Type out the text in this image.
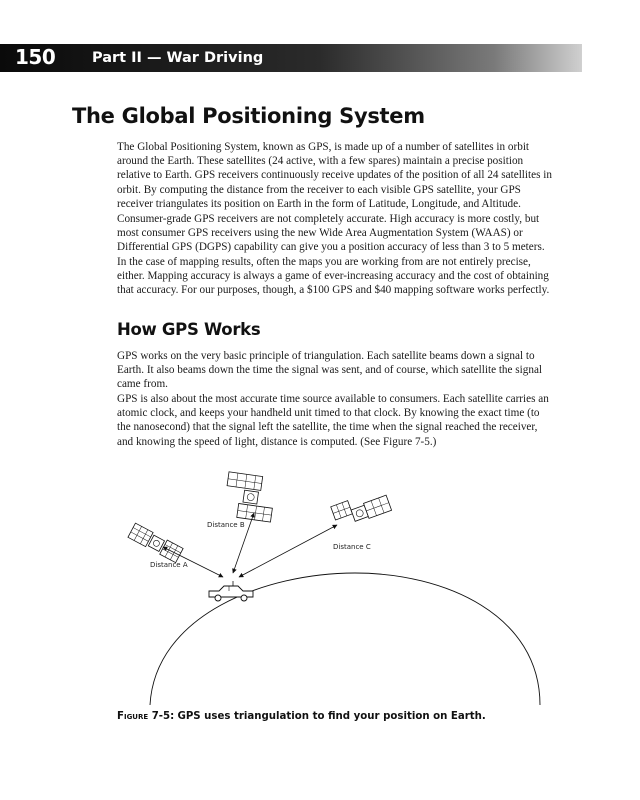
150	Part II — War Driving
The Global Positioning System

The Global Positioning System, known as GPS, is made up of a number of satellites in orbit around the Earth. These satellites (24 active, with a few spares) maintain a precise position relative to Earth. GPS receivers continuously receive updates of the position of all 24 satellites in orbit. By computing the distance from the receiver to each visible GPS satellite, your GPS receiver triangulates its position on Earth in the form of Latitude, Longitude, and Altitude.

Consumer-grade GPS receivers are not completely accurate. High accuracy is more costly, but most consumer GPS receivers using the new Wide Area Augmentation System (WAAS) or Differential GPS (DGPS) capability can give you a position accuracy of less than 3 to 5 meters. In the case of mapping results, often the maps you are working from are not entirely precise, either. Mapping accuracy is always a game of ever-increasing accuracy and the cost of obtaining that accuracy. For our purposes, though, a $100 GPS and $40 mapping software works perfectly.

How GPS Works

GPS works on the very basic principle of triangulation. Each satellite beams down a signal to Earth. It also beams down the time the signal was sent, and of course, which satellite the signal came from.

GPS is also about the most accurate time source available to consumers. Each satellite carries an atomic clock, and keeps your handheld unit timed to that clock. By knowing the exact time (to the nanosecond) that the signal left the satellite, the time when the signal reached the receiver, and knowing the speed of light, distance is computed. (See Figure 7-5.)

Distance A
Distance B
Distance C

Figure 7-5: GPS uses triangulation to find your position on Earth.
